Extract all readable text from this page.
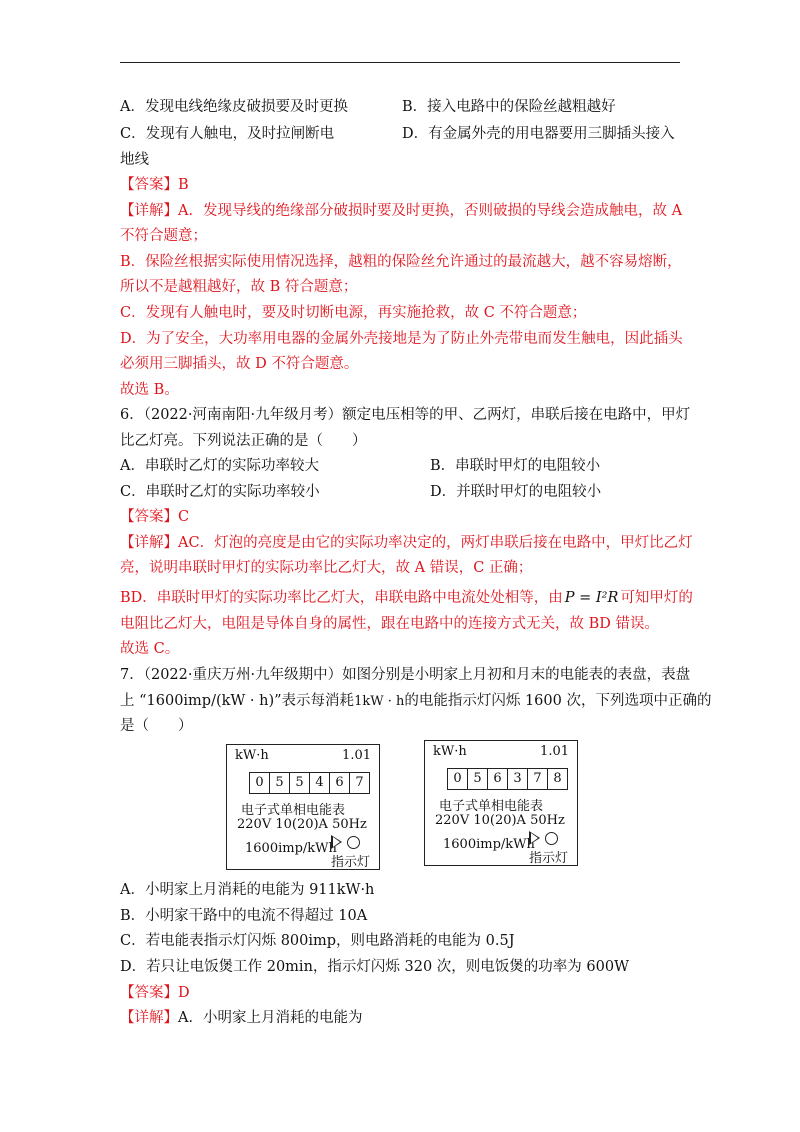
A．发现电线绝缘皮破损要及时更换	B．接入电路中的保险丝越粗越好
C．发现有人触电，及时拉闸断电	D．有金属外壳的用电器要用三脚插头接入
地线
【答案】B
【详解】A．发现导线的绝缘部分破损时要及时更换，否则破损的导线会造成触电，故 A
不符合题意；
B．保险丝根据实际使用情况选择，越粗的保险丝允许通过的最流越大，越不容易熔断，
所以不是越粗越好，故 B 符合题意；
C．发现有人触电时，要及时切断电源，再实施抢救，故 C 不符合题意；
D．为了安全，大功率用电器的金属外壳接地是为了防止外壳带电而发生触电，因此插头
必须用三脚插头，故 D 不符合题意。
故选 B。
6．（2022·河南南阳·九年级月考）额定电压相等的甲、乙两灯，串联后接在电路中，甲灯
比乙灯亮。下列说法正确的是（　　）
A．串联时乙灯的实际功率较大	B．串联时甲灯的电阻较小
C．串联时乙灯的实际功率较小	D．并联时甲灯的电阻较小
【答案】C
【详解】AC．灯泡的亮度是由它的实际功率决定的，两灯串联后接在电路中，甲灯比乙灯
亮，说明串联时甲灯的实际功率比乙灯大，故 A 错误，C 正确；
BD．串联时甲灯的实际功率比乙灯大，串联电路中电流处处相等，由 P = I²R 可知甲灯的
电阻比乙灯大，电阻是导体自身的属性，跟在电路中的连接方式无关，故 BD 错误。
故选 C。
7．（2022·重庆万州·九年级期中）如图分别是小明家上月初和月末的电能表的表盘，表盘
上 “1600imp/(kW · h)”表示每消耗1kW · h的电能指示灯闪烁 1600 次，下列选项中正确的
是（　　）
kW·h	1.01
0 5 5 4 6 7
电子式单相电能表
220V 10(20)A 50Hz
1600imp/kWh
指示灯
kW·h	1.01
0 5 6 3 7 8
电子式单相电能表
220V 10(20)A 50Hz
1600imp/kWh
指示灯
A．小明家上月消耗的电能为 911kW·h
B．小明家干路中的电流不得超过 10A
C．若电能表指示灯闪烁 800imp，则电路消耗的电能为 0.5J
D．若只让电饭煲工作 20min，指示灯闪烁 320 次，则电饭煲的功率为 600W
【答案】D
【详解】A．小明家上月消耗的电能为
